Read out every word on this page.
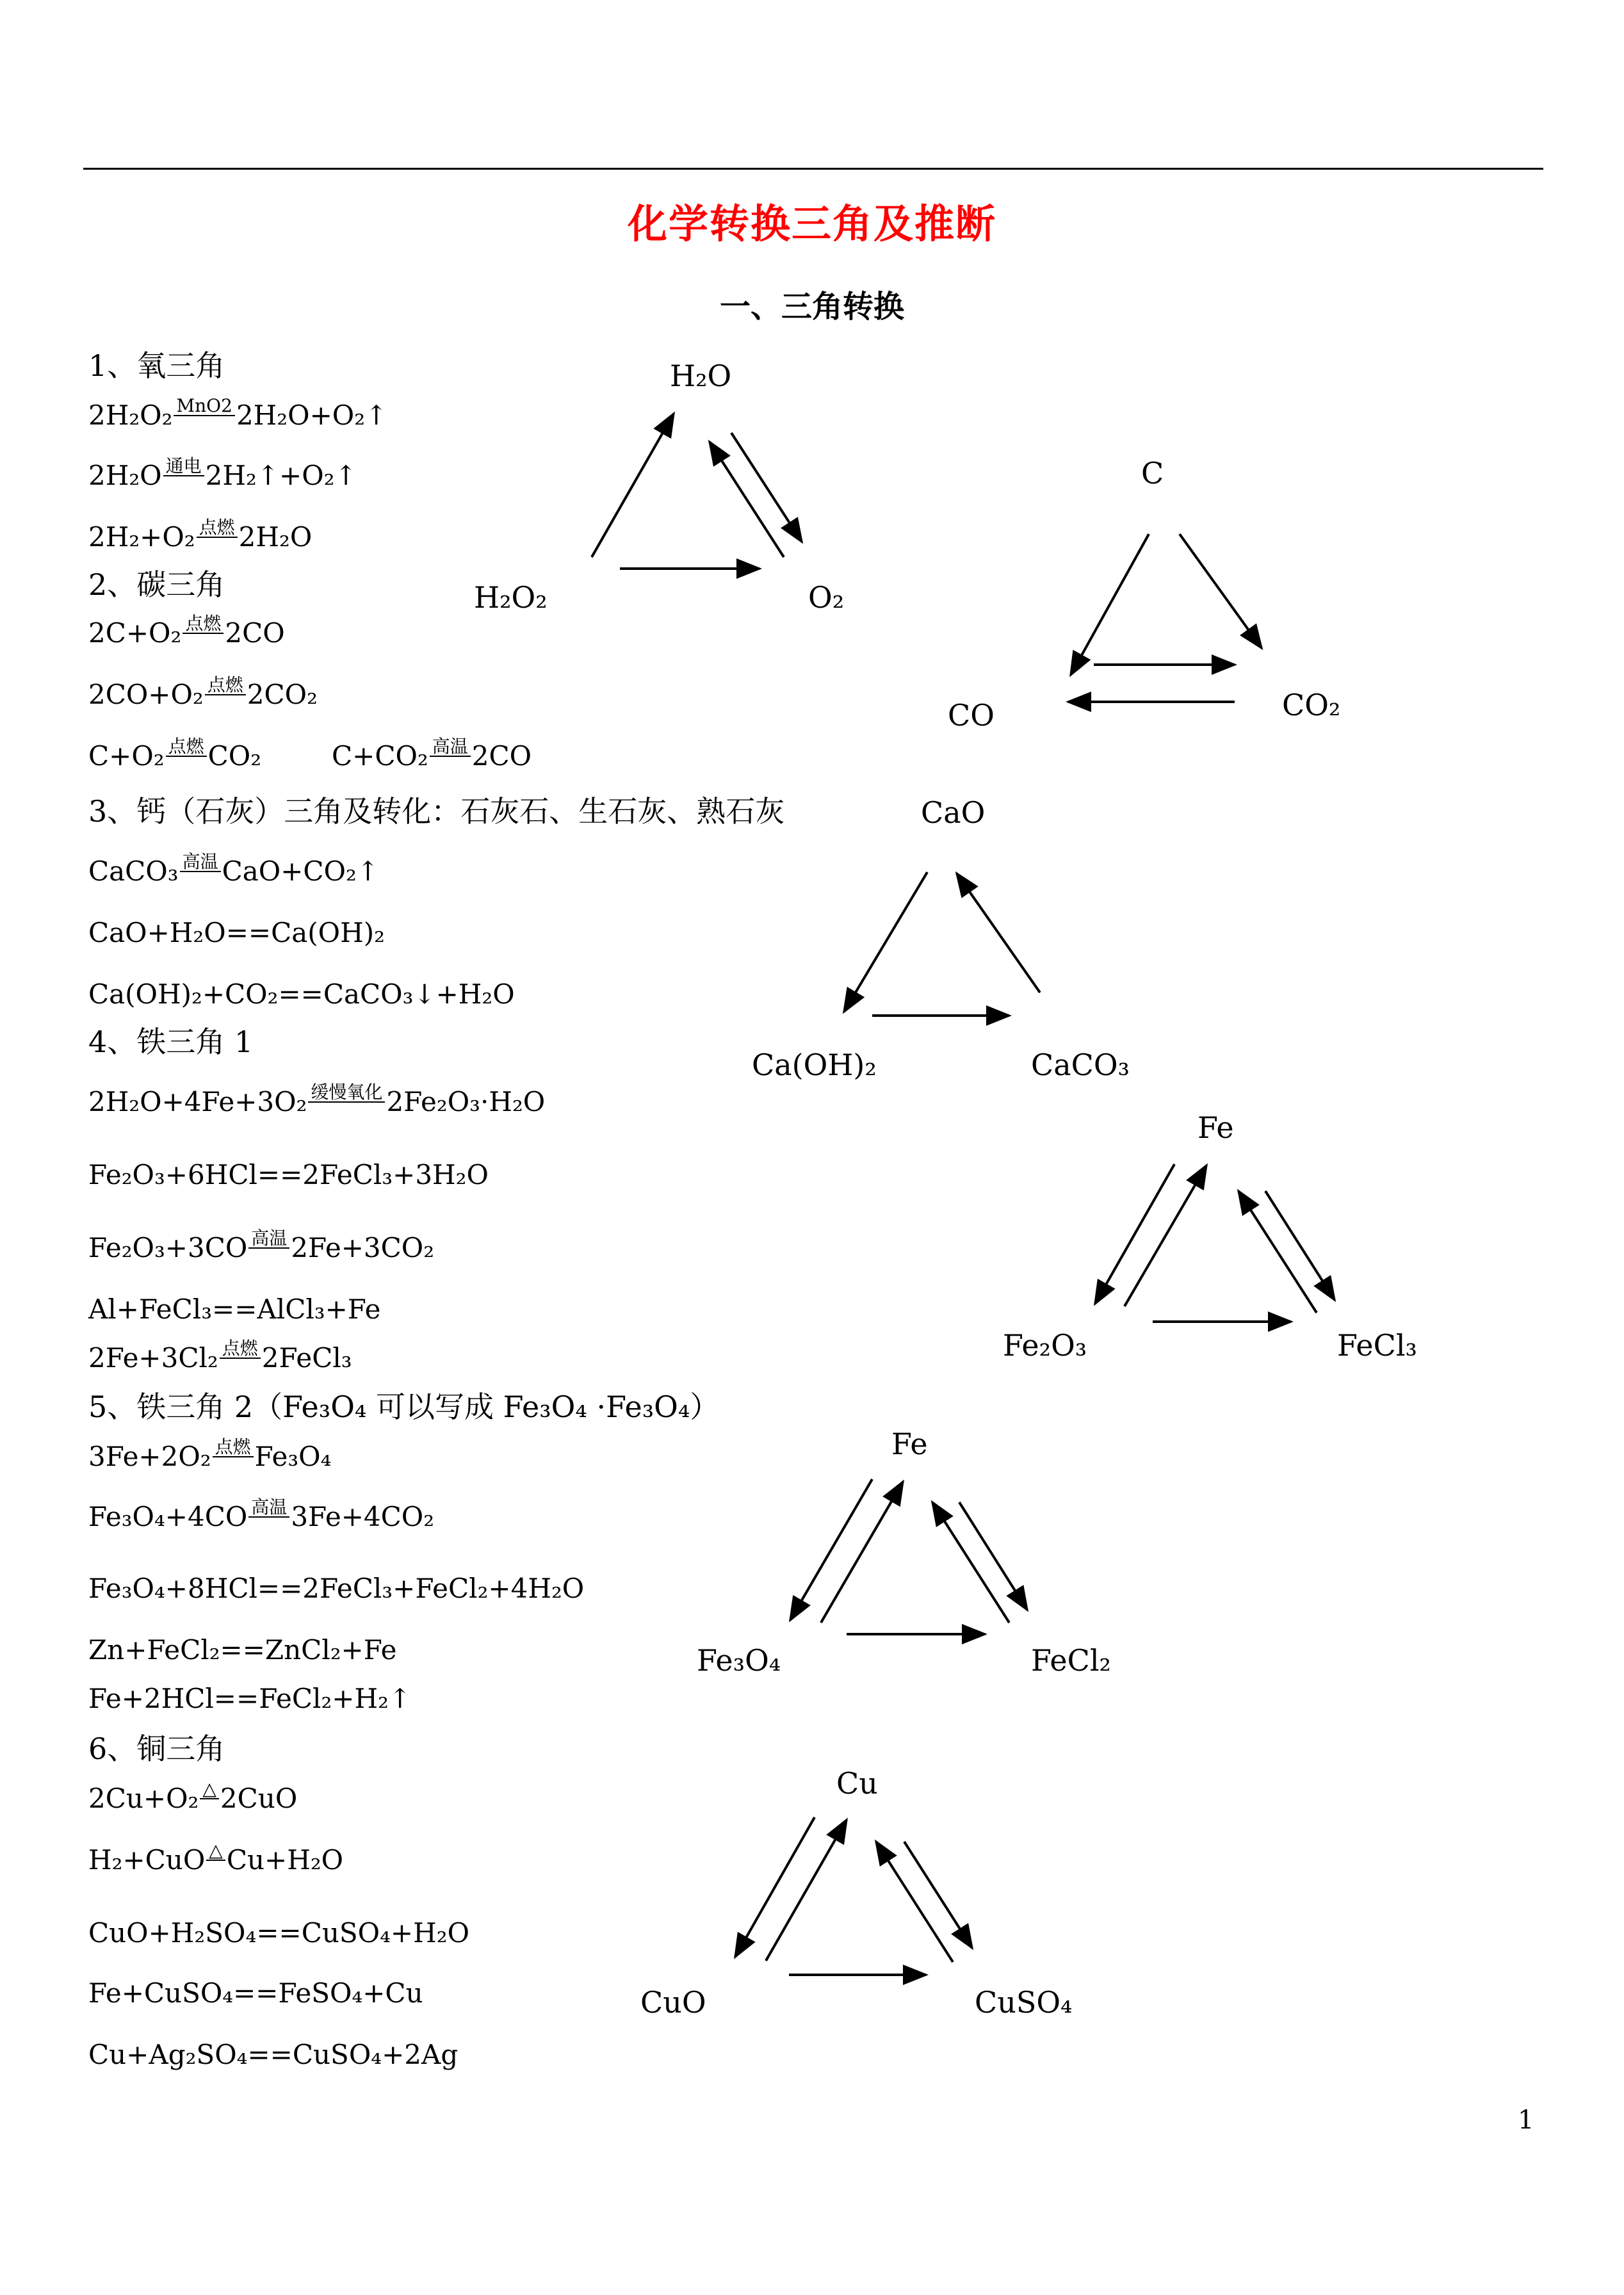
化学转换三角及推断
一、三角转换
1、氧三角
2H₂O₂ MnO2 2H₂O+O₂↑
2H₂O 通电 2H₂↑+O₂↑
2H₂+O₂ 点燃 2H₂O
2、碳三角
2C+O₂ 点燃 2CO
2CO+O₂ 点燃 2CO₂
C+O₂ 点燃 CO₂	C+CO₂ 高温 2CO
3、钙（石灰）三角及转化：石灰石、生石灰、熟石灰
CaCO₃ 高温 CaO+CO₂↑
CaO+H₂O==Ca(OH)₂
Ca(OH)₂+CO₂==CaCO₃↓+H₂O
4、铁三角 1
2H₂O+4Fe+3O₂ 缓慢氧化 2Fe₂O₃·H₂O
Fe₂O₃+6HCl==2FeCl₃+3H₂O
Fe₂O₃+3CO 高温 2Fe+3CO₂
Al+FeCl₃==AlCl₃+Fe
2Fe+3Cl₂ 点燃 2FeCl₃
5、铁三角 2（Fe₃O₄ 可以写成 Fe₃O₄ ·Fe₃O₄）
3Fe+2O₂ 点燃 Fe₃O₄
Fe₃O₄+4CO 高温 3Fe+4CO₂
Fe₃O₄+8HCl==2FeCl₃+FeCl₂+4H₂O
Zn+FeCl₂==ZnCl₂+Fe
Fe+2HCl==FeCl₂+H₂↑
6、铜三角
2Cu+O₂ △ 2CuO
H₂+CuO △ Cu+H₂O
CuO+H₂SO₄==CuSO₄+H₂O
Fe+CuSO₄==FeSO₄+Cu
Cu+Ag₂SO₄==CuSO₄+2Ag
H₂O
H₂O₂	O₂
C
CO	CO₂
CaO
Ca(OH)₂	CaCO₃
Fe
Fe₂O₃	FeCl₃
Fe
Fe₃O₄	FeCl₂
Cu
CuO	CuSO₄
1
